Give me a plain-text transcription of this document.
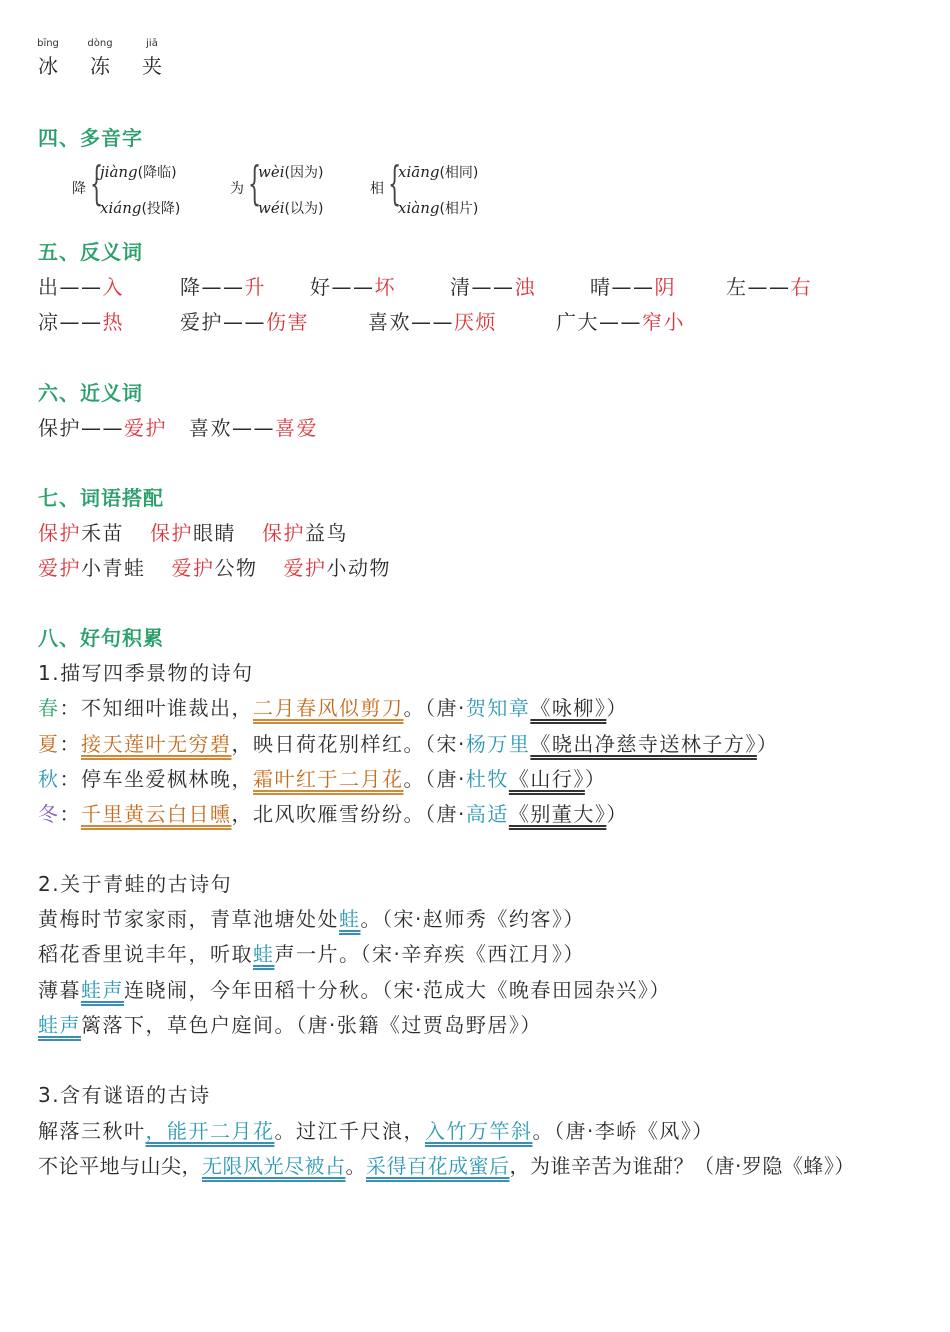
bīng
冰
dòng
冻
jiā
夹
四、多音字
降 {
jiàng(降临)
xiáng(投降)
为 {
wèi(因为)
wéi(以为)
相 {
xiāng(相同)
xiàng(相片)
五、反义词
出——入	降——升 好——坏	清——浊	晴——阴	左——右
凉——热	爱护——伤害	喜欢——厌烦	广大——窄小
六、近义词
保护——爱护 喜欢——喜爱
七、词语搭配
保护禾苗 保护眼睛 保护益鸟
爱护小青蛙 爱护公物 爱护小动物
八、好句积累
1.描写四季景物的诗句
春：不知细叶谁裁出，二月春风似剪刀。（唐·贺知章《咏柳》）
夏：接天莲叶无穷碧，映日荷花别样红。（宋·杨万里《晓出净慈寺送林子方》）
秋：停车坐爱枫林晚，霜叶红于二月花。（唐·杜牧《山行》）
冬：千里黄云白日曛，北风吹雁雪纷纷。（唐·高适《别董大》）
2.关于青蛙的古诗句
黄梅时节家家雨，青草池塘处处蛙。（宋·赵师秀《约客》）
稻花香里说丰年，听取蛙声一片。（宋·辛弃疾《西江月》）
薄暮蛙声连晓闹，今年田稻十分秋。（宋·范成大《晚春田园杂兴》）
蛙声篱落下，草色户庭间。（唐·张籍《过贾岛野居》）
3.含有谜语的古诗
解落三秋叶，能开二月花。过江千尺浪，入竹万竿斜。（唐·李峤《风》）
不论平地与山尖，无限风光尽被占。采得百花成蜜后，为谁辛苦为谁甜？（唐·罗隐《蜂》）
